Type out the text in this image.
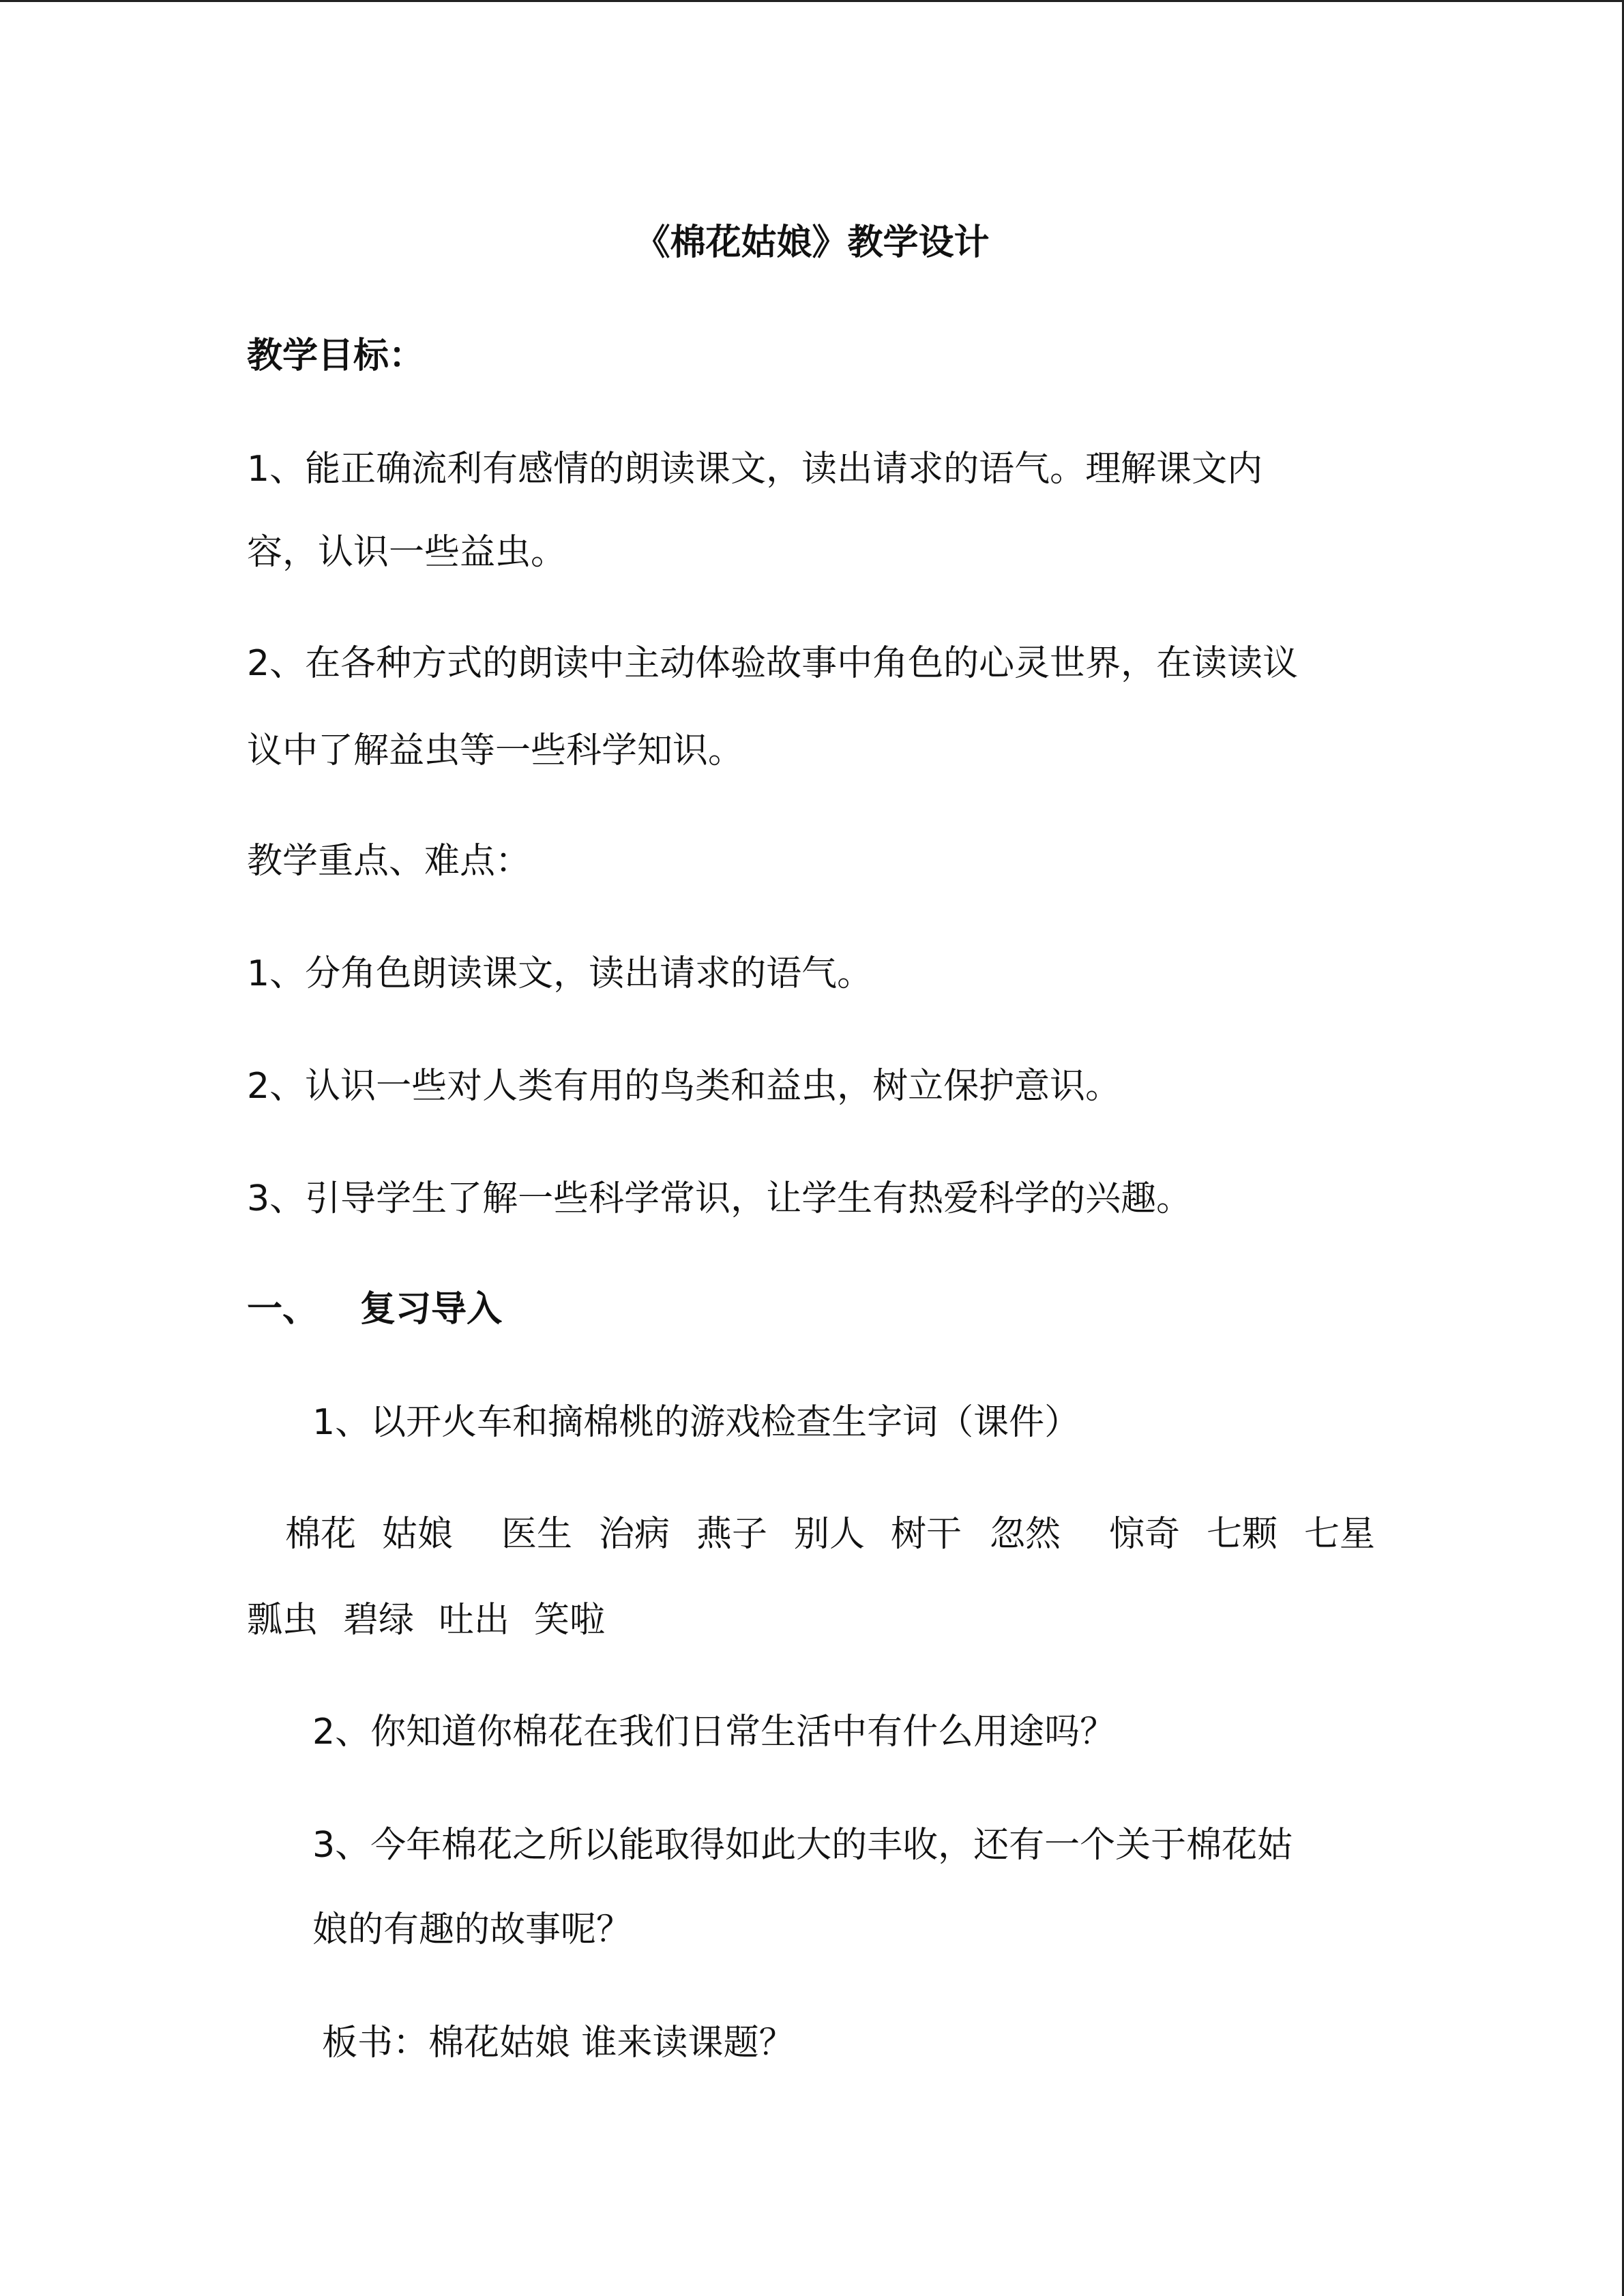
《棉花姑娘》教学设计
教学目标：
1、能正确流利有感情的朗读课文，读出请求的语气。理解课文内
容，认识一些益虫。
2、在各种方式的朗读中主动体验故事中角色的心灵世界，在读读议
议中了解益虫等一些科学知识。
教学重点、难点：
1、分角色朗读课文，读出请求的语气。
2、认识一些对人类有用的鸟类和益虫，树立保护意识。
3、引导学生了解一些科学常识，让学生有热爱科学的兴趣。
一、 复习导入
1、以开火车和摘棉桃的游戏检查生字词（课件）
棉花 姑娘 医生 治病 燕子 别人 树干 忽然 惊奇 七颗 七星
瓢虫 碧绿 吐出 笑啦
2、你知道你棉花在我们日常生活中有什么用途吗？
3、今年棉花之所以能取得如此大的丰收，还有一个关于棉花姑
娘的有趣的故事呢？
板书：棉花姑娘 谁来读课题？
